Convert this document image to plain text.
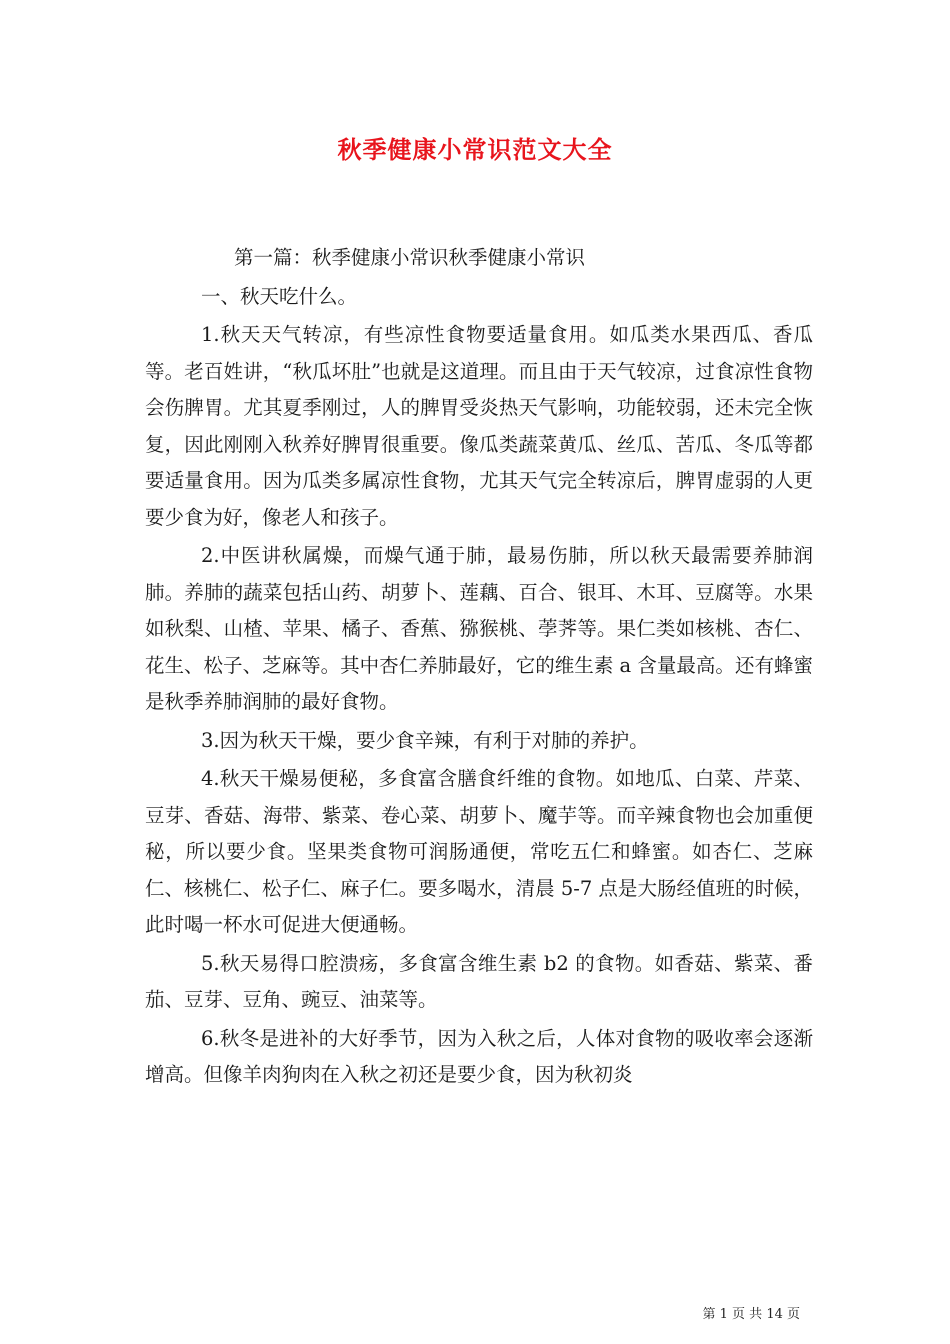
秋季健康小常识范文大全

第一篇：秋季健康小常识秋季健康小常识

一、秋天吃什么。

1.秋天天气转凉，有些凉性食物要适量食用。如瓜类水果西瓜、香瓜等。老百姓讲，“秋瓜坏肚”也就是这道理。而且由于天气较凉，过食凉性食物会伤脾胃。尤其夏季刚过，人的脾胃受炎热天气影响，功能较弱，还未完全恢复，因此刚刚入秋养好脾胃很重要。像瓜类蔬菜黄瓜、丝瓜、苦瓜、冬瓜等都要适量食用。因为瓜类多属凉性食物，尤其天气完全转凉后，脾胃虚弱的人更要少食为好，像老人和孩子。

2.中医讲秋属燥，而燥气通于肺，最易伤肺，所以秋天最需要养肺润肺。养肺的蔬菜包括山药、胡萝卜、莲藕、百合、银耳、木耳、豆腐等。水果如秋梨、山楂、苹果、橘子、香蕉、猕猴桃、荸荠等。果仁类如核桃、杏仁、花生、松子、芝麻等。其中杏仁养肺最好，它的维生素 a 含量最高。还有蜂蜜是秋季养肺润肺的最好食物。

3.因为秋天干燥，要少食辛辣，有利于对肺的养护。

4.秋天干燥易便秘，多食富含膳食纤维的食物。如地瓜、白菜、芹菜、豆芽、香菇、海带、紫菜、卷心菜、胡萝卜、魔芋等。而辛辣食物也会加重便秘，所以要少食。坚果类食物可润肠通便，常吃五仁和蜂蜜。如杏仁、芝麻仁、核桃仁、松子仁、麻子仁。要多喝水，清晨 5-7 点是大肠经值班的时候，此时喝一杯水可促进大便通畅。

5.秋天易得口腔溃疡，多食富含维生素 b2 的食物。如香菇、紫菜、番茄、豆芽、豆角、豌豆、油菜等。

6.秋冬是进补的大好季节，因为入秋之后，人体对食物的吸收率会逐渐增高。但像羊肉狗肉在入秋之初还是要少食，因为秋初炎

第 1 页 共 14 页
